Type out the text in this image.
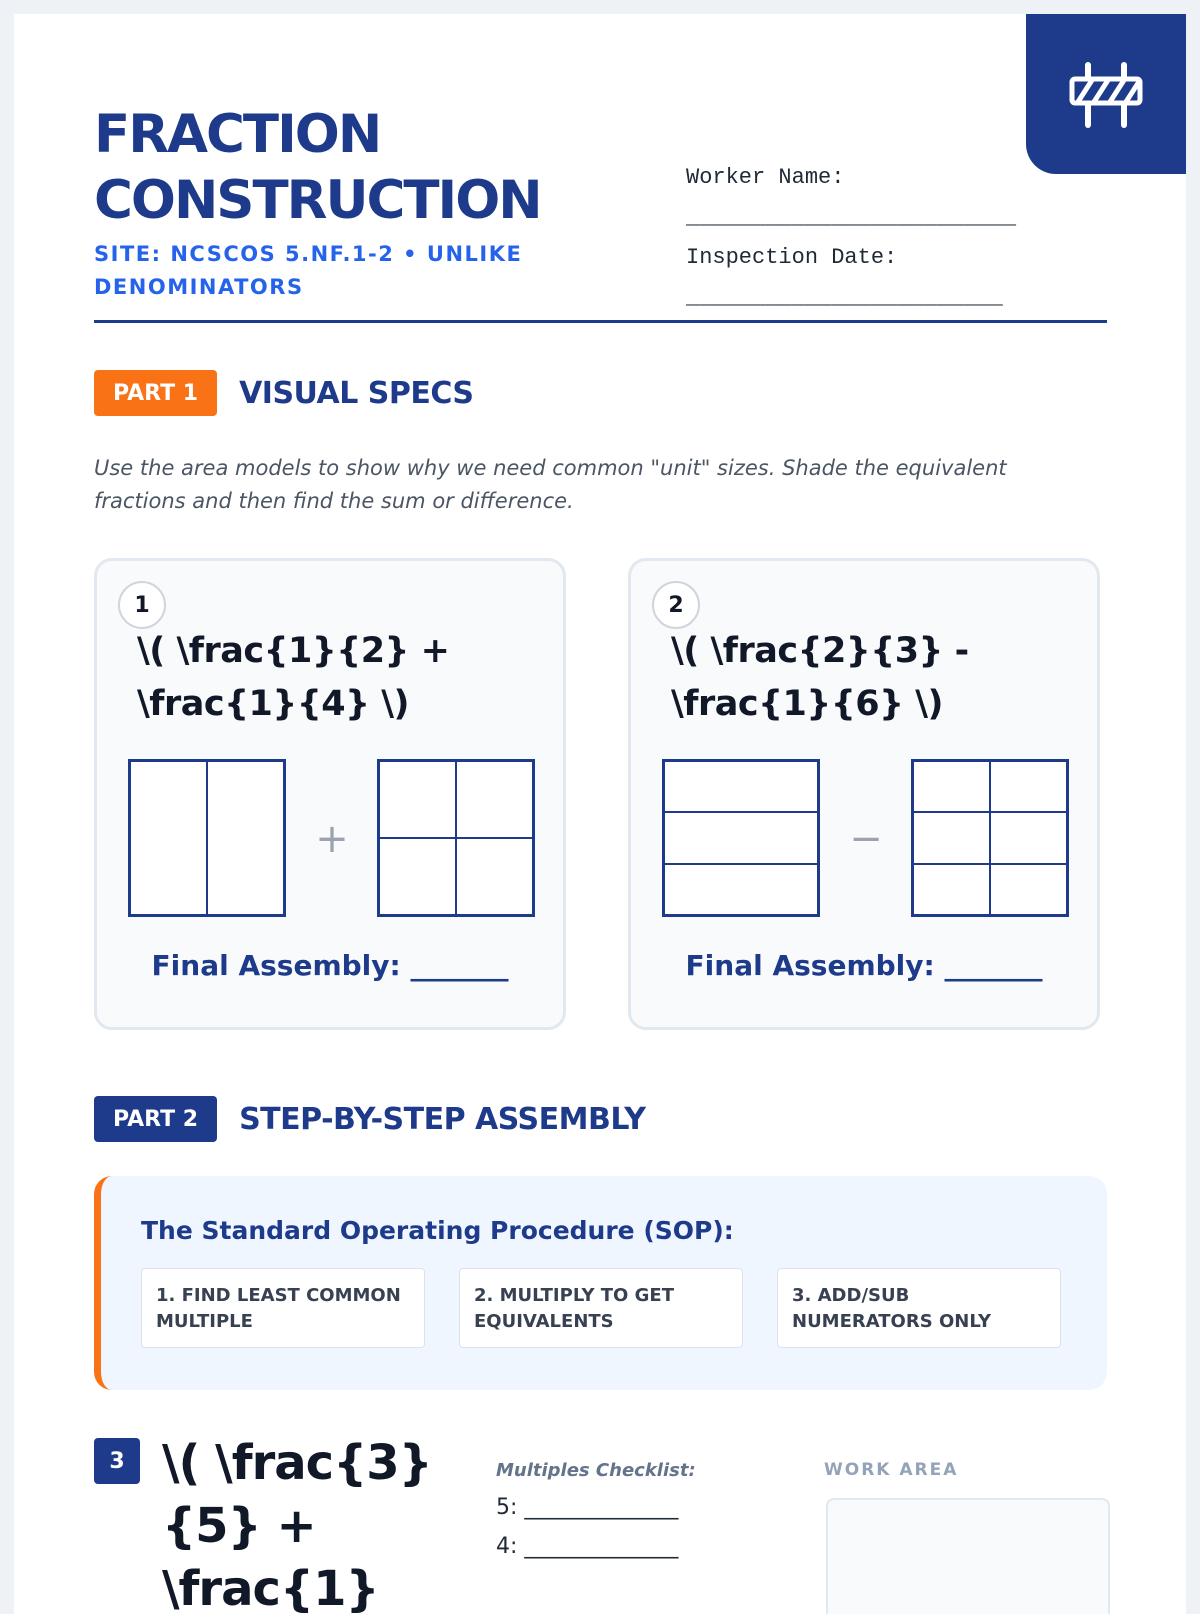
FRACTION
CONSTRUCTION
SITE: NCSCOS 5.NF.1-2 • UNLIKE DENOMINATORS
Worker Name:
_________________________
Inspection Date:
________________________
PART 1	VISUAL SPECS
Use the area models to show why we need common "unit" sizes. Shade the equivalent fractions and then find the sum or difference.
1
\( \frac{1}{2} + \frac{1}{4} \)
+
Final Assembly: _______
2
\( \frac{2}{3} - \frac{1}{6} \)
−
Final Assembly: _______
PART 2	STEP-BY-STEP ASSEMBLY
The Standard Operating Procedure (SOP):
1. FIND LEAST COMMON MULTIPLE
2. MULTIPLY TO GET EQUIVALENTS
3. ADD/SUB NUMERATORS ONLY
3 \( \frac{3}{5} + \frac{1}
Multiples Checklist:
5: ______________
4: ______________
WORK AREA
